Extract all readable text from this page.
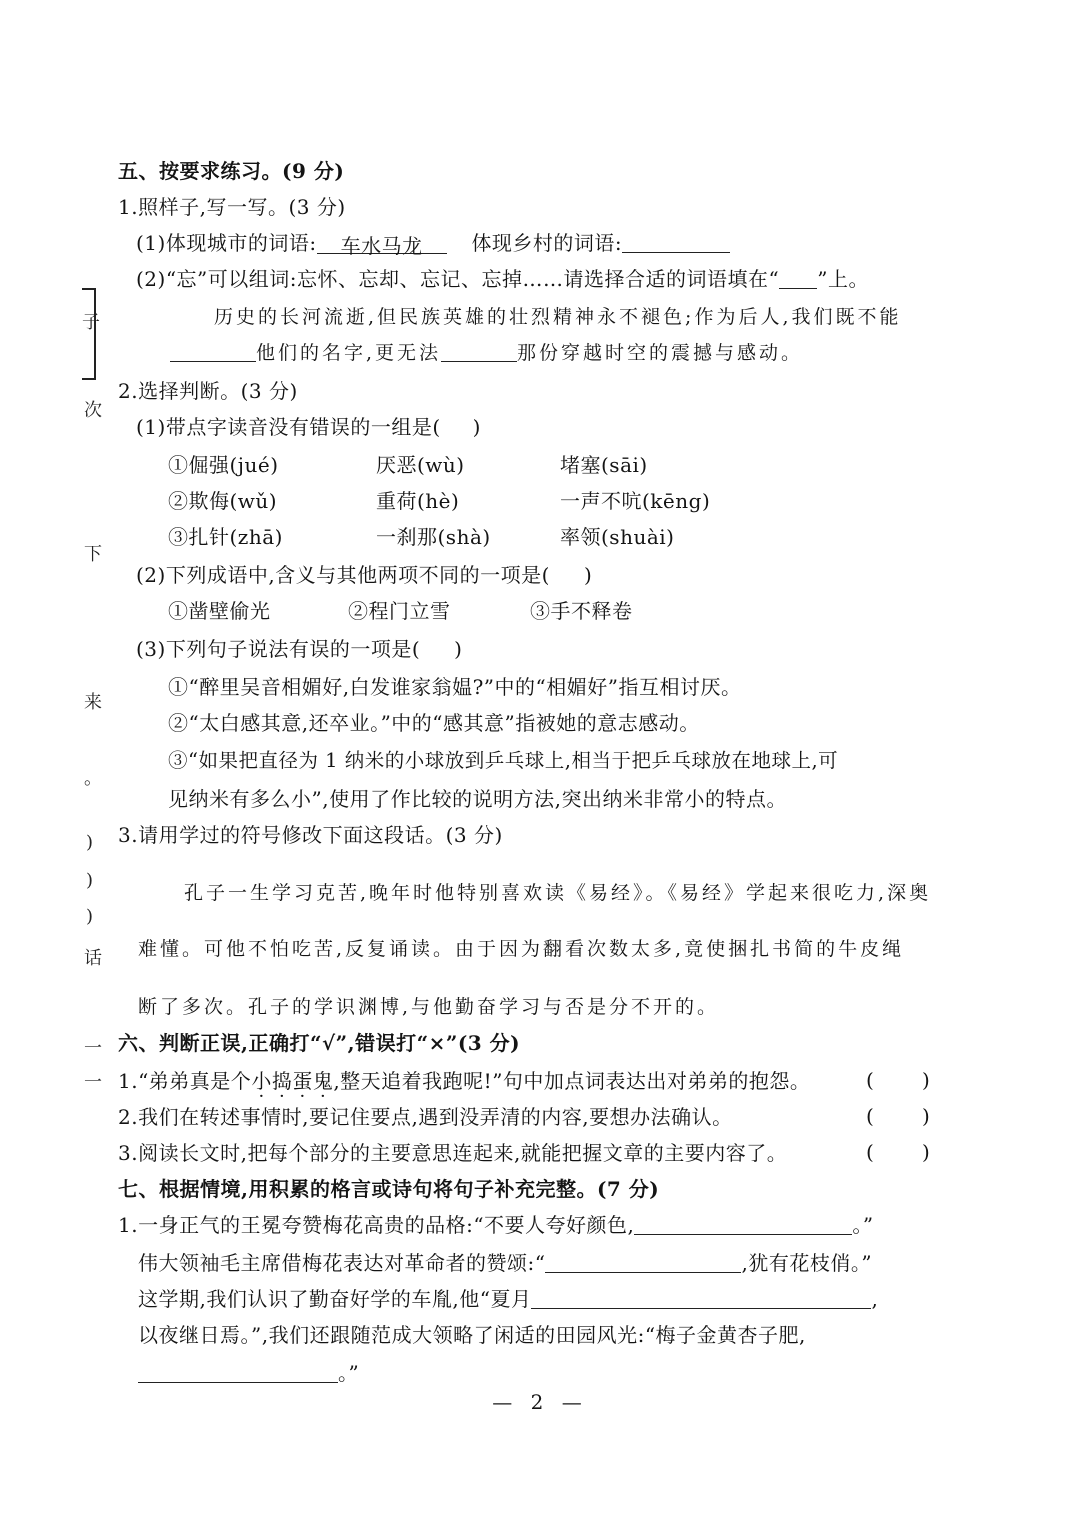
子
次
下
来
。
)
)
)
话
一
一
五、按要求练习。(9 分)
1.照样子,写一写。(3 分)
(1)体现城市的词语: 车水马龙 体现乡村的词语:
(2)“忘”可以组词:忘怀、忘却、忘记、忘掉……请选择合适的词语填在“ ”上。
历史的长河流逝,但民族英雄的壮烈精神永不褪色;作为后人,我们既不能
他们的名字,更无法	那份穿越时空的震撼与感动。
2.选择判断。(3 分)
(1)带点字读音没有错误的一组是( )
①倔强(jué)	厌恶(wù)	堵塞(sāi)
②欺侮(wǔ)	重荷(hè)	一声不吭(kēng)
③扎针(zhā)	一刹那(shà)	率领(shuài)
(2)下列成语中,含义与其他两项不同的一项是( )
①凿壁偷光	②程门立雪	③手不释卷
(3)下列句子说法有误的一项是( )
①“醉里吴音相媚好,白发谁家翁媪?”中的“相媚好”指互相讨厌。
②“太白感其意,还卒业。”中的“感其意”指被她的意志感动。
③“如果把直径为 1 纳米的小球放到乒乓球上,相当于把乒乓球放在地球上,可
见纳米有多么小”,使用了作比较的说明方法,突出纳米非常小的特点。
3.请用学过的符号修改下面这段话。(3 分)
孔子一生学习克苦,晚年时他特别喜欢读《易经》。《易经》学起来很吃力,深奥
难懂。可他不怕吃苦,反复诵读。由于因为翻看次数太多,竟使捆扎书简的牛皮绳
断了多次。孔子的学识渊博,与他勤奋学习与否是分不开的。
六、判断正误,正确打“√”,错误打“×”(3 分)
1.“弟弟真是个小捣蛋鬼,整天追着我跑呢!”句中加点词表达出对弟弟的抱怨。
2.我们在转述事情时,要记住要点,遇到没弄清的内容,要想办法确认。
3.阅读长文时,把每个部分的主要意思连起来,就能把握文章的主要内容了。
( )
( )
( )
七、根据情境,用积累的格言或诗句将句子补充完整。(7 分)
1.一身正气的王冕夸赞梅花高贵的品格:“不要人夸好颜色,	。”
伟大领袖毛主席借梅花表达对革命者的赞颂:“	,犹有花枝俏。”
这学期,我们认识了勤奋好学的车胤,他“夏月	,
以夜继日焉。”,我们还跟随范成大领略了闲适的田园风光:“梅子金黄杏子肥,
。”
— 2 —
